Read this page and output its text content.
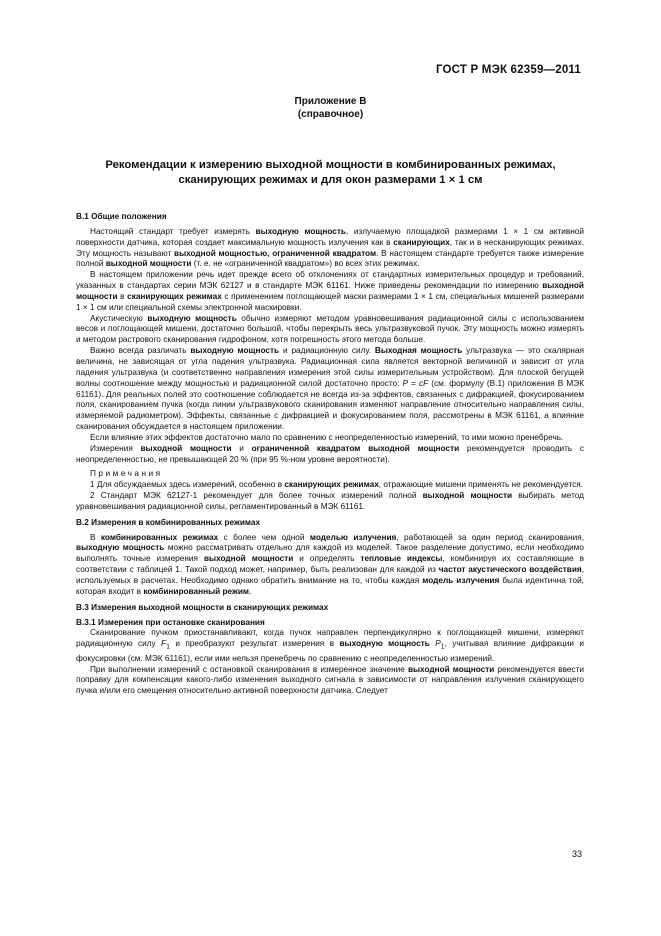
ГОСТ Р МЭК 62359—2011
Приложение В
(справочное)
Рекомендации к измерению выходной мощности в комбинированных режимах,
сканирующих режимах и для окон размерами 1 × 1 см

В.1 Общие положения

Настоящий стандарт требует измерять выходную мощность, излучаемую площадкой размерами 1 × 1 см активной поверхности датчика, которая создает максимальную мощность излучения как в сканирующих, так и в несканирующих режимах. Эту мощность называют выходной мощностью, ограниченной квадратом. В настоящем стандарте требуется также измерение полной выходной мощности (т. е. не «ограниченной квадратом») во всех этих режимах.

В настоящем приложении речь идет прежде всего об отклонениях от стандартных измерительных процедур и требований, указанных в стандартах серии МЭК 62127 и в стандарте МЭК 61161. Ниже приведены рекомендации по измерению выходной мощности в сканирующих режимах с применением поглощающей маски размерами 1 × 1 см, специальных мишеней размерами 1 × 1 см или специальной схемы электронной маскировки.

Акустическую выходную мощность обычно измеряют методом уравновешивания радиационной силы с использованием весов и поглощающей мишени, достаточно большой, чтобы перекрыть весь ультразвуковой пучок. Эту мощность можно измерять и методом растрового сканирования гидрофоном, хотя погрешность этого метода больше.

Важно всегда различать выходную мощность и радиационную силу. Выходная мощность ультразвука — это скалярная величина, не зависящая от угла падения ультразвука. Радиационная сила является векторной величиной и зависит от угла падения ультразвука (и соответственно направления измерения этой силы измерительным устройством). Для плоской бегущей волны соотношение между мощностью и радиационной силой достаточно просто: P = cF (см. формулу (В.1) приложения В МЭК 61161). Для реальных полей это соотношение соблюдается не всегда из-за эффектов, связанных с дифракцией, фокусированием поля, сканированием пучка (когда линии ультразвукового сканирования изменяют направление относительно направления силы, измеряемой радиометром). Эффекты, связанные с дифракцией и фокусированием поля, рассмотрены в МЭК 61161, а влияние сканирования обсуждается в настоящем приложении.

Если влияние этих эффектов достаточно мало по сравнению с неопределенностью измерений, то ими можно пренебречь.

Измерения выходной мощности и ограниченной квадратом выходной мощности рекомендуется проводить с неопределенностью, не превышающей 20 % (при 95 %-ном уровне вероятности).

Примечания

1 Для обсуждаемых здесь измерений, особенно в сканирующих режимах, отражающие мишени применять не рекомендуется.

2 Стандарт МЭК 62127-1 рекомендует для более точных измерений полной выходной мощности выбирать метод уравновешивания радиационной силы, регламентированный в МЭК 61161.

В.2 Измерения в комбинированных режимах

В комбинированных режимах с более чем одной моделью излучения, работающей за один период сканирования, выходную мощность можно рассматривать отдельно для каждой из моделей. Такое разделение допустимо, если необходимо выполнять точные измерения выходной мощности и определять тепловые индексы, комбинируя их составляющие в соответствии с таблицей 1. Такой подход может, например, быть реализован для каждой из частот акустического воздействия, используемых в расчетах. Необходимо однако обратить внимание на то, чтобы каждая модель излучения была идентична той, которая входит в комбинированный режим.

В.3 Измерения выходной мощности в сканирующих режимах

В.3.1 Измерения при остановке сканирования

Сканирование пучком приостанавливают, когда пучок направлен перпендикулярно к поглощающей мишени, измеряют радиационную силу $F_1$ и преобразуют результат измерения в выходную мощность $P_1$, учитывая влияние дифракции и фокусировки (см. МЭК 61161), если ими нельзя пренебречь по сравнению с неопределенностью измерений.

При выполнении измерений с остановкой сканирования в измеренное значение выходной мощности рекомендуется ввести поправку для компенсации какого-либо изменения выходного сигнала в зависимости от направления излучения сканирующего пучка и/или его смещения относительно активной поверхности датчика. Следует

33
